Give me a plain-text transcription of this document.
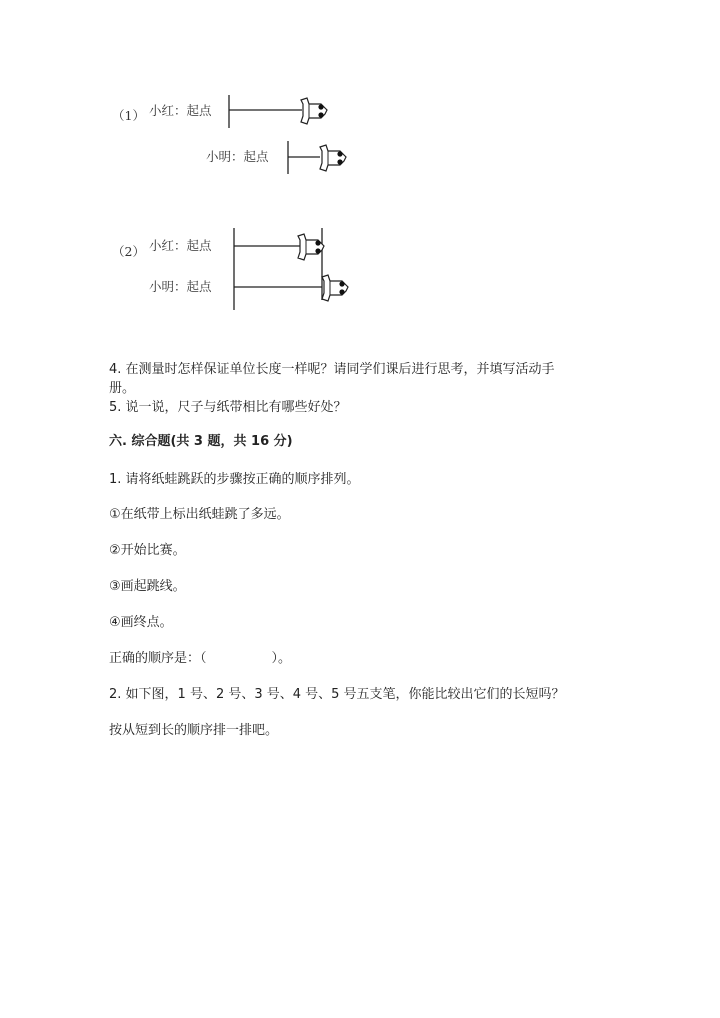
（1） 小红：起点
小明：起点
（2） 小红：起点
小明：起点
4. 在测量时怎样保证单位长度一样呢？请同学们课后进行思考，并填写活动手
册。
5. 说一说，尺子与纸带相比有哪些好处？
六. 综合题(共 3 题，共 16 分)
1. 请将纸蛙跳跃的步骤按正确的顺序排列。
①在纸带上标出纸蛙跳了多远。
②开始比赛。
③画起跳线。
④画终点。
正确的顺序是：（　　　　　）。
2. 如下图，1 号、2 号、3 号、4 号、5 号五支笔，你能比较出它们的长短吗？
按从短到长的顺序排一排吧。
